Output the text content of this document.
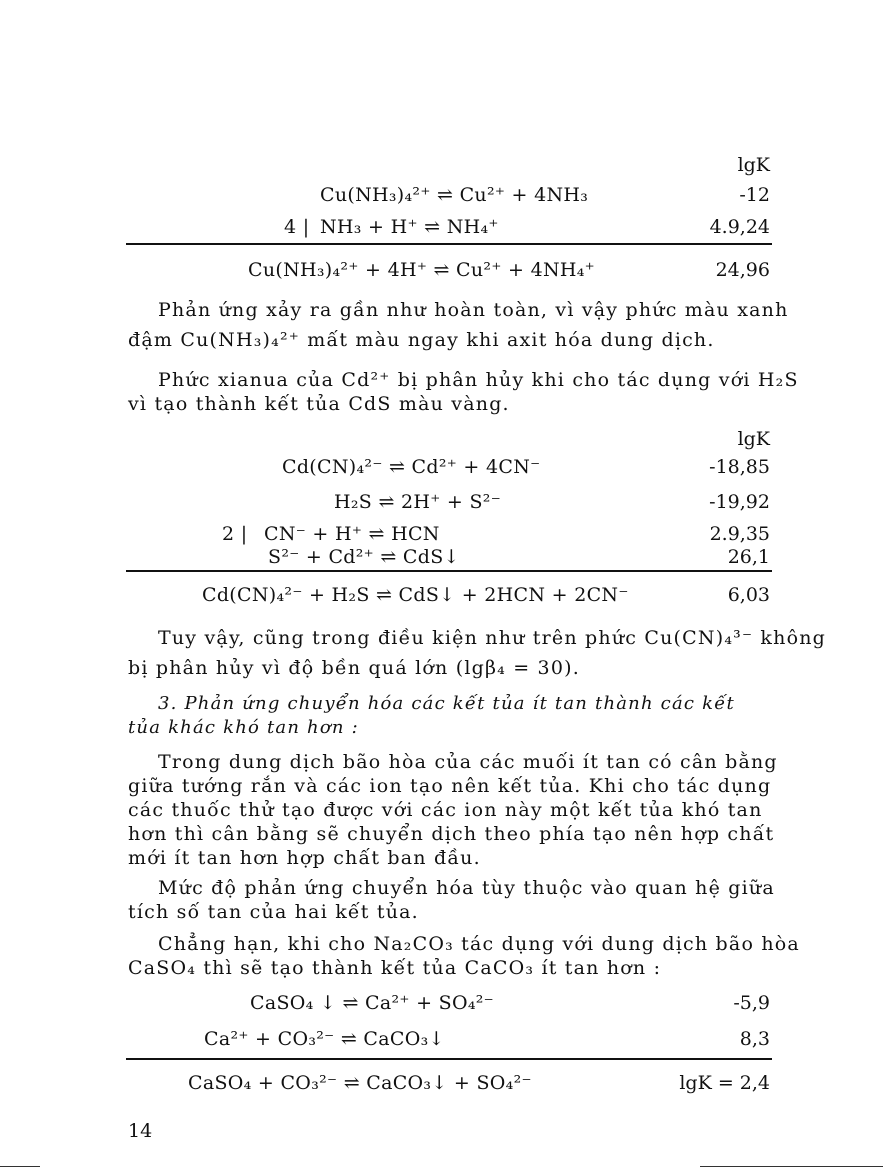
lgK
Cu(NH₃)₄²⁺ ⇌ Cu²⁺ + 4NH₃	-12
4 | NH₃ + H⁺ ⇌ NH₄⁺	4.9,24
Cu(NH₃)₄²⁺ + 4H⁺ ⇌ Cu²⁺ + 4NH₄⁺	24,96
Phản ứng xảy ra gần như hoàn toàn, vì vậy phức màu xanh
đậm Cu(NH₃)₄²⁺ mất màu ngay khi axit hóa dung dịch.
Phức xianua của Cd²⁺ bị phân hủy khi cho tác dụng với H₂S
vì tạo thành kết tủa CdS màu vàng.
lgK
Cd(CN)₄²⁻ ⇌ Cd²⁺ + 4CN⁻	-18,85
H₂S ⇌ 2H⁺ + S²⁻	-19,92
2 | CN⁻ + H⁺ ⇌ HCN	2.9,35
S²⁻ + Cd²⁺ ⇌ CdS↓	26,1
Cd(CN)₄²⁻ + H₂S ⇌ CdS↓ + 2HCN + 2CN⁻	6,03
Tuy vậy, cũng trong điều kiện như trên phức Cu(CN)₄³⁻ không
bị phân hủy vì độ bền quá lớn (lgβ₄ = 30).
3. Phản ứng chuyển hóa các kết tủa ít tan thành các kết
tủa khác khó tan hơn :
Trong dung dịch bão hòa của các muối ít tan có cân bằng
giữa tướng rắn và các ion tạo nên kết tủa. Khi cho tác dụng
các thuốc thử tạo được với các ion này một kết tủa khó tan
hơn thì cân bằng sẽ chuyển dịch theo phía tạo nên hợp chất
mới ít tan hơn hợp chất ban đầu.
Mức độ phản ứng chuyển hóa tùy thuộc vào quan hệ giữa
tích số tan của hai kết tủa.
Chẳng hạn, khi cho Na₂CO₃ tác dụng với dung dịch bão hòa
CaSO₄ thì sẽ tạo thành kết tủa CaCO₃ ít tan hơn :
CaSO₄ ↓ ⇌ Ca²⁺ + SO₄²⁻	-5,9
Ca²⁺ + CO₃²⁻ ⇌ CaCO₃↓	8,3
CaSO₄ + CO₃²⁻ ⇌ CaCO₃↓ + SO₄²⁻	lgK = 2,4
14
